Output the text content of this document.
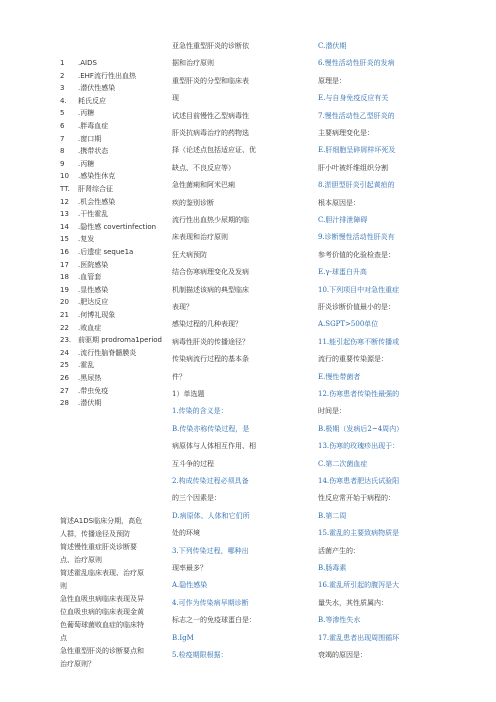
1 .AIDS
2 .EHF流行性出血热
3 .潜伏性感染
4. 耗氏反应
5 .丙糖
6 .胖毒血症
7 .窗口期
8 .携带状态
9 .丙糖
10 .感染性休克
TT. 肝肾综合征
12 .机会性感染
13 .干性霍乱
14 .隐性感 covertinfection
15 .复发
16 .后遗症 seque1a
17 .医院感染
18 .血管套
19 .显性感染
20 .肥达反应
21 .何博礼现象
22 .败血症
23. 前驱期 prodroma1period
24 .流行性脑脊髓膜炎
25 .霍乱
26 .黑尿热
27 .带虫免疫
28 .潜伏期
简述A1DS临床分期，高危
人群，传播途径及预防
简述慢性重症肝炎诊断要
点、治疗原则
简述霍乱临床表现、治疗原
则
急性血吸虫病临床表现及异
位血吸虫病的临床表现金黄
色葡萄球菌败血症的临床特
点
急性重型肝炎的诊断要点和
治疗原则？
亚急性重型肝炎的诊断依
据和治疗原则
重型肝炎的分型和临床表
现
试述目前慢性乙型病毒性
肝炎抗病毒治疗的药物选
择（论述点包括适应证、优
缺点、不良反应等）
急性菌痢和阿米巴痢
疾的鉴别诊断
流行性出血热少尿期的临
床表现和治疗原则
狂犬病预防
结合伤寒病理变化及发病
机制描述该病的典型临床
表现？
感染过程的几种表现？
病毒性肝炎的传播途径？
传染病流行过程的基本条
件？
1）单选题
1.传染的含义是：
B.传染亦称传染过程，是
病原体与人体相互作用、相
互斗争的过程
2.构成传染过程必须具备
的三个因素是：
D.病原体、人体和它们所
处的环境
3.下列传染过程，哪种出
现率最多？
A.隐性感染
4.可作为传染病早期诊断
标志之一的免疫球蛋白是：
B.IgM
5.检疫期限根据：
C.潜伏期
6.慢性活动性肝炎的发病
原理是：
E.与自身免疫反应有关
7.慢性活动性乙型肝炎的
主要病理变化是：
E.肝细胞呈碎屑样坏死及
肝小叶被纤维组织分割
8.淤胆型肝炎引起黄疸的
根本原因是：
C.胆汁排泄障碍
9.诊断慢性活动性肝炎有
参考价值的化验检查是：
E.γ-球蛋白升高
10.下列项目中对急性重症
肝炎诊断价值最小的是：
A.SGPT>500单位
11.能引起伤寒不断传播或
流行的重要传染源是：
E.慢性带菌者
12.伤寒患者传染性最强的
时间是：
B.极期（发病后2~4周内）
13.伤寒的玫瑰疹出现于：
C.第二次菌血症
14.伤寒患者肥达氏试验阳
性反应常开始于病程的：
B.第二周
15.霍乱的主要致病物质是
活菌产生的：
B.肠毒素
16.霍乱所引起的腹泻是大
量失水，其性质属内：
B.等渗性失水
17.霍乱患者出现周围循环
衰竭的原因是：
